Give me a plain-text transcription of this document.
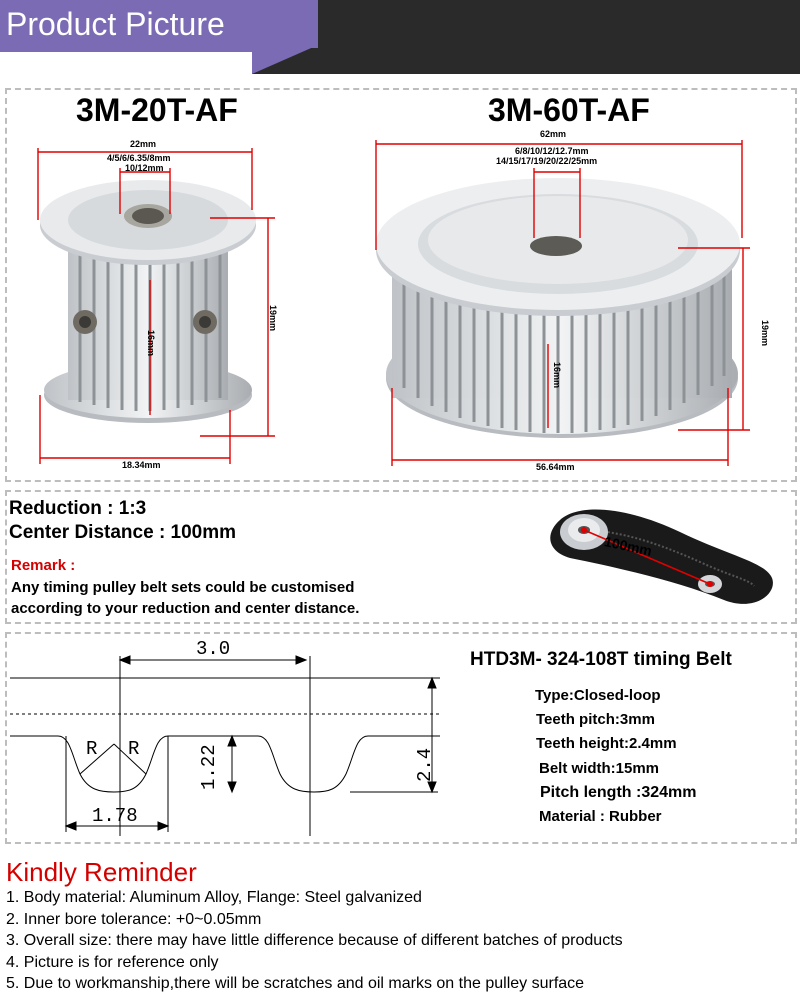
Product Picture
3M-20T-AF	3M-60T-AF
22mm
4/5/6/6.35/8mm
10/12mm
19mm
16mm
18.34mm
62mm
6/8/10/12/12.7mm
14/15/17/19/20/22/25mm
19mm
16mm
56.64mm
Reduction : 1:3
Center Distance : 100mm
Remark :
Any timing pulley belt sets could be customised
according to your reduction and center distance.
100mm
3.0
2.4
1.22
1.78
R R
HTD3M- 324-108T timing Belt
Type:Closed-loop
Teeth pitch:3mm
Teeth height:2.4mm
Belt width:15mm
Pitch length :324mm
Material : Rubber
Kindly Reminder
1. Body material: Aluminum Alloy, Flange: Steel galvanized
2. Inner bore tolerance: +0~0.05mm
3. Overall size: there may have little difference because of different batches of products
4. Picture is for reference only
5. Due to workmanship,there will be scratches and oil marks on the pulley surface
